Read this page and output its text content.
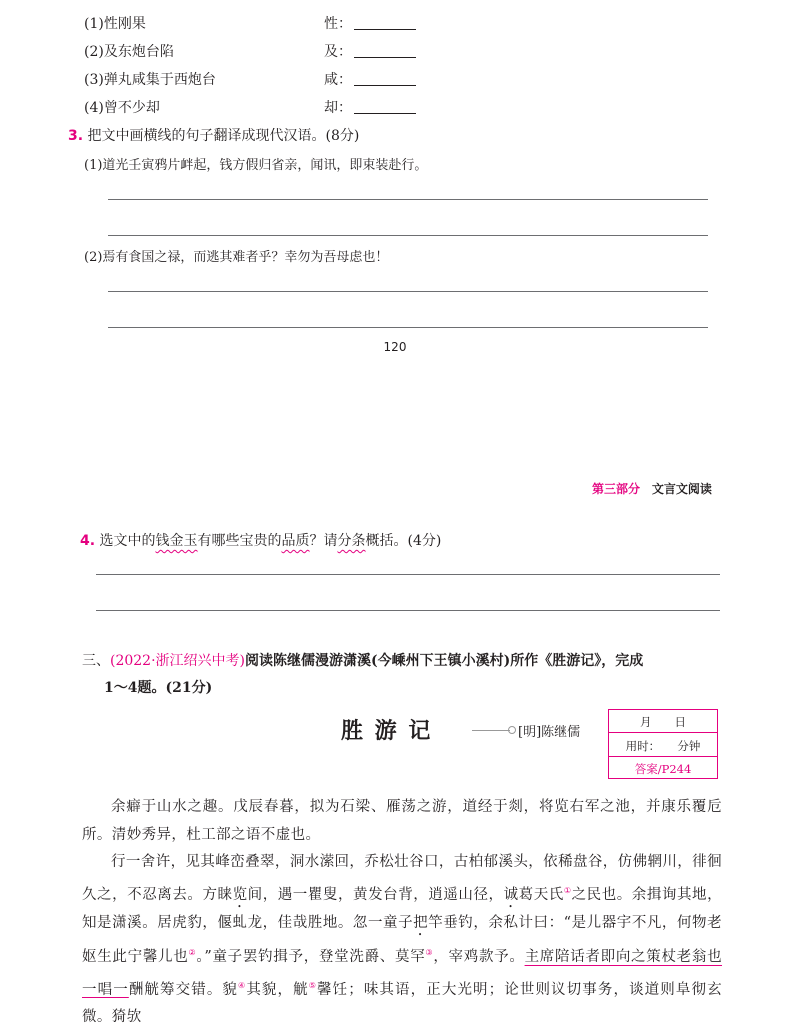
(1)性刚果	性：
(2)及东炮台陷	及：
(3)弹丸咸集于西炮台	咸：
(4)曾不少却	却：
3. 把文中画横线的句子翻译成现代汉语。(8分)
(1)道光壬寅鸦片衅起，钱方假归省亲，闻讯，即束装赴行。
(2)焉有食国之禄，而逃其难者乎？幸勿为吾母虑也！
120
第三部分 文言文阅读
4. 选文中的钱金玉有哪些宝贵的品质？请分条概括。(4分)
三、(2022·浙江绍兴中考)阅读陈继儒漫游潇溪(今嵊州下王镇小溪村)所作《胜游记》，完成
1～4题。(21分)
胜 游 记	[明]陈继儒
月　　日
用时：　　分钟
答案/P244
余癖于山水之趣。戊辰春暮，拟为石梁、雁荡之游，道经于剡，将览右军之池，并康乐覆卮所。清妙秀异，杜工部之语不虚也。
行一舍许，见其峰峦叠翠，洞水潆回，乔松壮谷口，古柏郁溪头，依稀盘谷，仿佛辋川，徘徊久之，不忍离去。方睐览间，遇一瞿叟，黄发台背，逍遥山径，诚葛天氏①之民也。余揖询其地，知是潇溪。居虎豹，偃虬龙，佳哉胜地。忽一童子把竿垂钓，余私计曰：“是儿器宇不凡，何物老妪生此宁馨儿也②。”童子罢钓揖予，登堂洗爵、莫罕③，宰鸡款予。主席陪话者即向之策杖老翁也一唱一酬觥筹交错。貌④其貌，觥⑤馨饪；味其语，正大光明；论世则议切事务，谈道则阜彻玄微。猗欤
